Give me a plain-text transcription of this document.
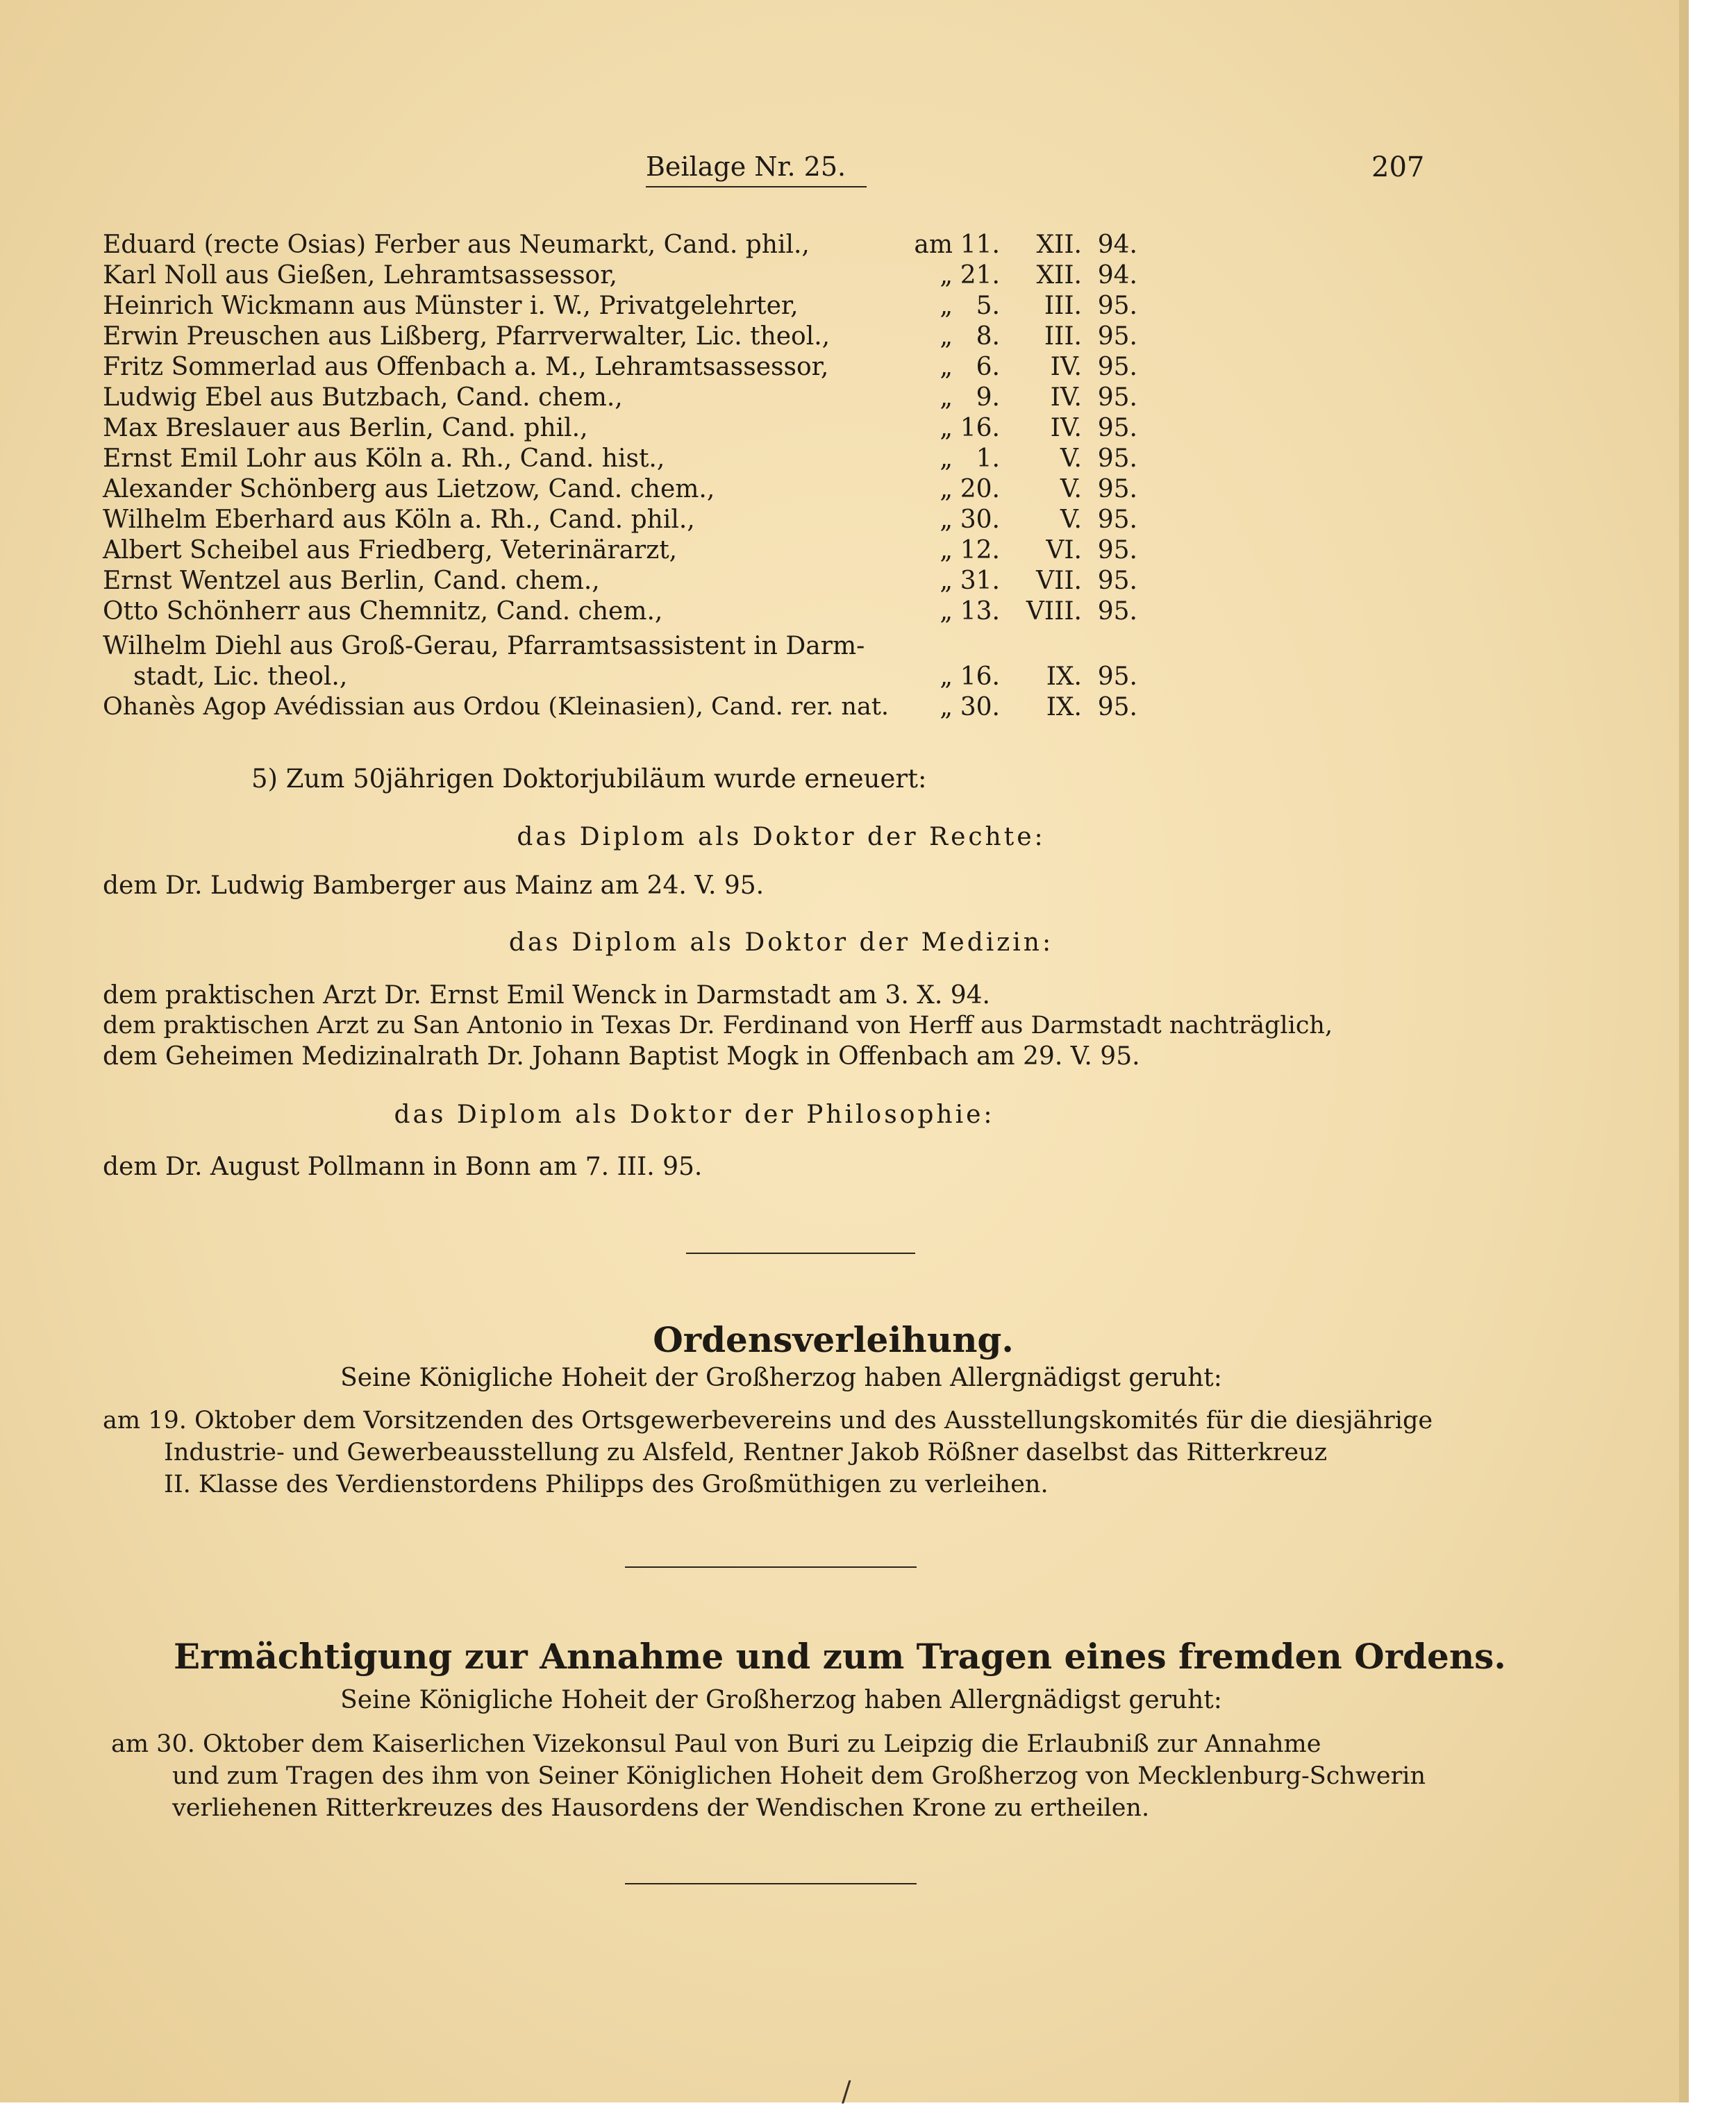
Beilage Nr. 25.	207
Eduard (recte Osias) Ferber aus Neumarkt, Cand. phil.,	am 11.	XII. 94.
Karl Noll aus Gießen, Lehramtsassessor,	„ 21.	XII. 94.
Heinrich Wickmann aus Münster i. W., Privatgelehrter,	„ 5.	III. 95.
Erwin Preuschen aus Lißberg, Pfarrverwalter, Lic. theol.,	„ 8.	III. 95.
Fritz Sommerlad aus Offenbach a. M., Lehramtsassessor,	„ 6.	IV. 95.
Ludwig Ebel aus Butzbach, Cand. chem.,	„ 9.	IV. 95.
Max Breslauer aus Berlin, Cand. phil.,	„ 16.	IV. 95.
Ernst Emil Lohr aus Köln a. Rh., Cand. hist.,	„ 1.	V. 95.
Alexander Schönberg aus Lietzow, Cand. chem.,	„ 20.	V. 95.
Wilhelm Eberhard aus Köln a. Rh., Cand. phil.,	„ 30.	V. 95.
Albert Scheibel aus Friedberg, Veterinärarzt,	„ 12.	VI. 95.
Ernst Wentzel aus Berlin, Cand. chem.,	„ 31.	VII. 95.
Otto Schönherr aus Chemnitz, Cand. chem.,	„ 13.	VIII. 95.
Wilhelm Diehl aus Groß-Gerau, Pfarramtsassistent in Darm-
stadt, Lic. theol.,	„ 16.	IX. 95.
Ohanès Agop Avédissian aus Ordou (Kleinasien), Cand. rer. nat.	„ 30.	IX. 95.
5) Zum 50jährigen Doktorjubiläum wurde erneuert:
das Diplom als Doktor der Rechte:
dem Dr. Ludwig Bamberger aus Mainz am 24. V. 95.
das Diplom als Doktor der Medizin:
dem praktischen Arzt Dr. Ernst Emil Wenck in Darmstadt am 3. X. 94.
dem praktischen Arzt zu San Antonio in Texas Dr. Ferdinand von Herff aus Darmstadt nachträglich,
dem Geheimen Medizinalrath Dr. Johann Baptist Mogk in Offenbach am 29. V. 95.
das Diplom als Doktor der Philosophie:
dem Dr. August Pollmann in Bonn am 7. III. 95.
Ordensverleihung.
Seine Königliche Hoheit der Großherzog haben Allergnädigst geruht:
am 19. Oktober dem Vorsitzenden des Ortsgewerbevereins und des Ausstellungskomités für die diesjährige
Industrie- und Gewerbeausstellung zu Alsfeld, Rentner Jakob Rößner daselbst das Ritterkreuz
II. Klasse des Verdienstordens Philipps des Großmüthigen zu verleihen.
Ermächtigung zur Annahme und zum Tragen eines fremden Ordens.
Seine Königliche Hoheit der Großherzog haben Allergnädigst geruht:
am 30. Oktober dem Kaiserlichen Vizekonsul Paul von Buri zu Leipzig die Erlaubniß zur Annahme
und zum Tragen des ihm von Seiner Königlichen Hoheit dem Großherzog von Mecklenburg-Schwerin
verliehenen Ritterkreuzes des Hausordens der Wendischen Krone zu ertheilen.
/
